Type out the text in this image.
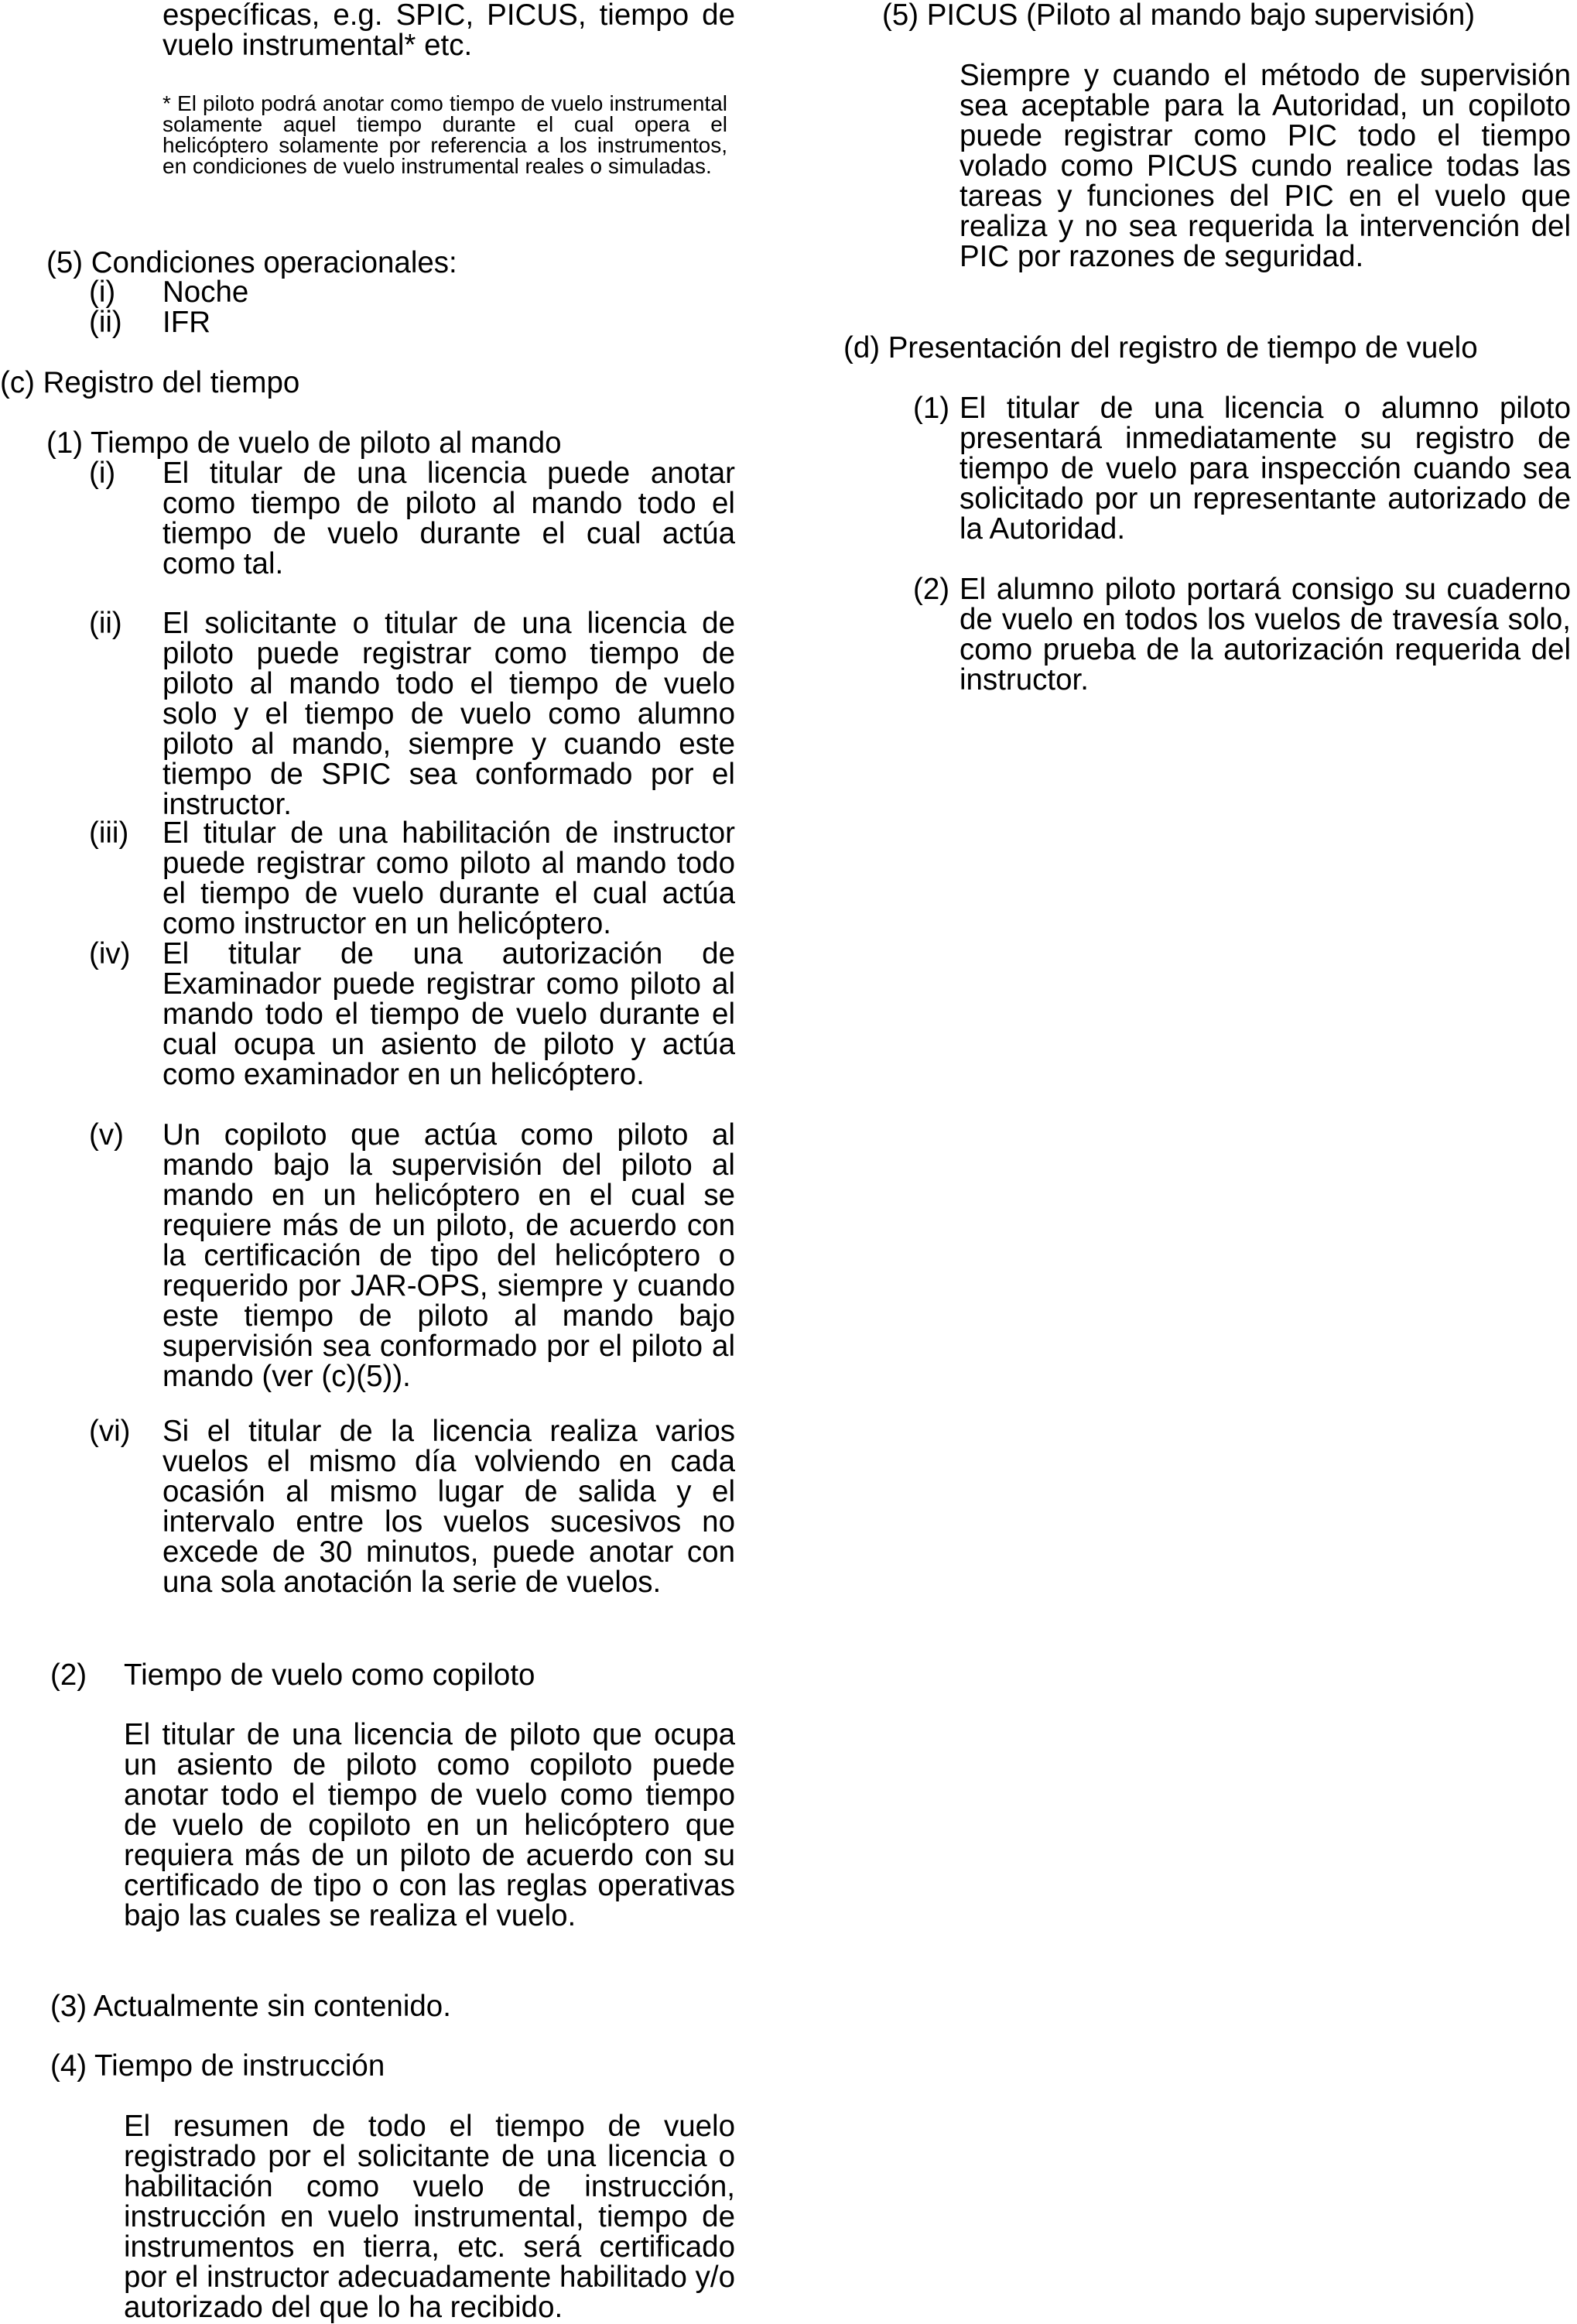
específicas, e.g. SPIC, PICUS, tiempo de vuelo instrumental* etc.

* El piloto podrá anotar como tiempo de vuelo instrumental solamente aquel tiempo durante el cual opera el helicóptero solamente por referencia a los instrumentos, en condiciones de vuelo instrumental reales o simuladas.

(5) Condiciones operacionales:

(i) Noche
(ii) IFR

(c) Registro del tiempo

(1) Tiempo de vuelo de piloto al mando

(i) El titular de una licencia puede anotar como tiempo de piloto al mando todo el tiempo de vuelo durante el cual actúa como tal.

(ii) El solicitante o titular de una licencia de piloto puede registrar como tiempo de piloto al mando todo el tiempo de vuelo solo y el tiempo de vuelo como alumno piloto al mando, siempre y cuando este tiempo de SPIC sea conformado por el instructor.

(iii) El titular de una habilitación de instructor puede registrar como piloto al mando todo el tiempo de vuelo durante el cual actúa como instructor en un helicóptero.

(iv) El titular de una autorización de Examinador puede registrar como piloto al mando todo el tiempo de vuelo durante el cual ocupa un asiento de piloto y actúa como examinador en un helicóptero.

(v) Un copiloto que actúa como piloto al mando bajo la supervisión del piloto al mando en un helicóptero en el cual se requiere más de un piloto, de acuerdo con la certificación de tipo del helicóptero o requerido por JAR-OPS, siempre y cuando este tiempo de piloto al mando bajo supervisión sea conformado por el piloto al mando (ver (c)(5)).

(vi) Si el titular de la licencia realiza varios vuelos el mismo día volviendo en cada ocasión al mismo lugar de salida y el intervalo entre los vuelos sucesivos no excede de 30 minutos, puede anotar con una sola anotación la serie de vuelos.

(2) Tiempo de vuelo como copiloto

El titular de una licencia de piloto que ocupa un asiento de piloto como copiloto puede anotar todo el tiempo de vuelo como tiempo de vuelo de copiloto en un helicóptero que requiera más de un piloto de acuerdo con su certificado de tipo o con las reglas operativas bajo las cuales se realiza el vuelo.

(3) Actualmente sin contenido.

(4) Tiempo de instrucción

El resumen de todo el tiempo de vuelo registrado por el solicitante de una licencia o habilitación como vuelo de instrucción, instrucción en vuelo instrumental, tiempo de instrumentos en tierra, etc. será certificado por el instructor adecuadamente habilitado y/o autorizado del que lo ha recibido.

(5) PICUS (Piloto al mando bajo supervisión)

Siempre y cuando el método de supervisión sea aceptable para la Autoridad, un copiloto puede registrar como PIC todo el tiempo volado como PICUS cundo realice todas las tareas y funciones del PIC en el vuelo que realiza y no sea requerida la intervención del PIC por razones de seguridad.

(d) Presentación del registro de tiempo de vuelo

(1) El titular de una licencia o alumno piloto presentará inmediatamente su registro de tiempo de vuelo para inspección cuando sea solicitado por un representante autorizado de la Autoridad.

(2) El alumno piloto portará consigo su cuaderno de vuelo en todos los vuelos de travesía solo, como prueba de la autorización requerida del instructor.
